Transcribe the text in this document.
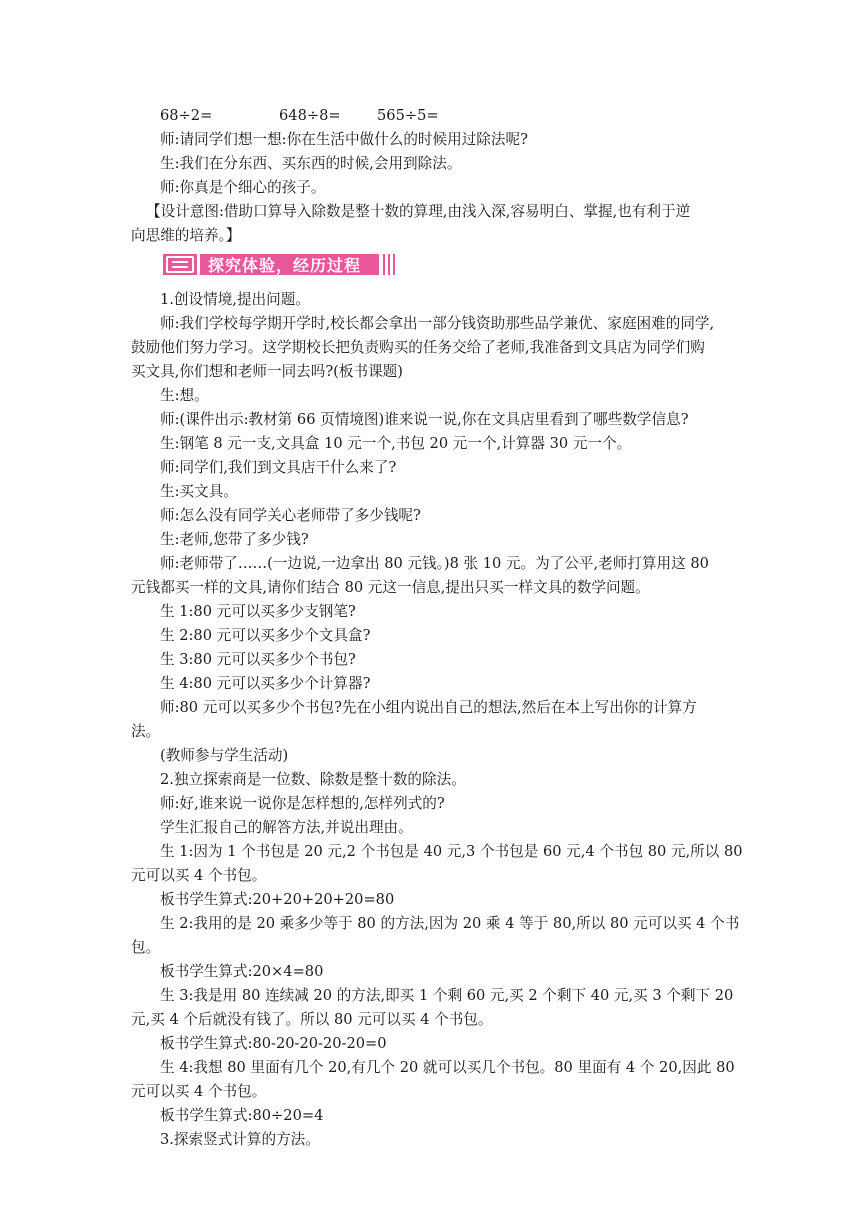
68÷2=	648÷8= 565÷5=
师:请同学们想一想:你在生活中做什么的时候用过除法呢?
生:我们在分东西、买东西的时候,会用到除法。
师:你真是个细心的孩子。
【设计意图:借助口算导入除数是整十数的算理,由浅入深,容易明白、掌握,也有利于逆
向思维的培养。】
探究体验，经历过程
1.创设情境,提出问题。
师:我们学校每学期开学时,校长都会拿出一部分钱资助那些品学兼优、家庭困难的同学,
鼓励他们努力学习。这学期校长把负责购买的任务交给了老师,我准备到文具店为同学们购
买文具,你们想和老师一同去吗?(板书课题)
生:想。
师:(课件出示:教材第 66 页情境图)谁来说一说,你在文具店里看到了哪些数学信息?
生:钢笔 8 元一支,文具盒 10 元一个,书包 20 元一个,计算器 30 元一个。
师:同学们,我们到文具店干什么来了?
生:买文具。
师:怎么没有同学关心老师带了多少钱呢?
生:老师,您带了多少钱?
师:老师带了……(一边说,一边拿出 80 元钱。)8 张 10 元。为了公平,老师打算用这 80
元钱都买一样的文具,请你们结合 80 元这一信息,提出只买一样文具的数学问题。
生 1:80 元可以买多少支钢笔?
生 2:80 元可以买多少个文具盒?
生 3:80 元可以买多少个书包?
生 4:80 元可以买多少个计算器?
师:80 元可以买多少个书包?先在小组内说出自己的想法,然后在本上写出你的计算方
法。
(教师参与学生活动)
2.独立探索商是一位数、除数是整十数的除法。
师:好,谁来说一说你是怎样想的,怎样列式的?
学生汇报自己的解答方法,并说出理由。
生 1:因为 1 个书包是 20 元,2 个书包是 40 元,3 个书包是 60 元,4 个书包 80 元,所以 80
元可以买 4 个书包。
板书学生算式:20+20+20+20=80
生 2:我用的是 20 乘多少等于 80 的方法,因为 20 乘 4 等于 80,所以 80 元可以买 4 个书
包。
板书学生算式:20×4=80
生 3:我是用 80 连续减 20 的方法,即买 1 个剩 60 元,买 2 个剩下 40 元,买 3 个剩下 20
元,买 4 个后就没有钱了。所以 80 元可以买 4 个书包。
板书学生算式:80-20-20-20-20=0
生 4:我想 80 里面有几个 20,有几个 20 就可以买几个书包。80 里面有 4 个 20,因此 80
元可以买 4 个书包。
板书学生算式:80÷20=4
3.探索竖式计算的方法。
